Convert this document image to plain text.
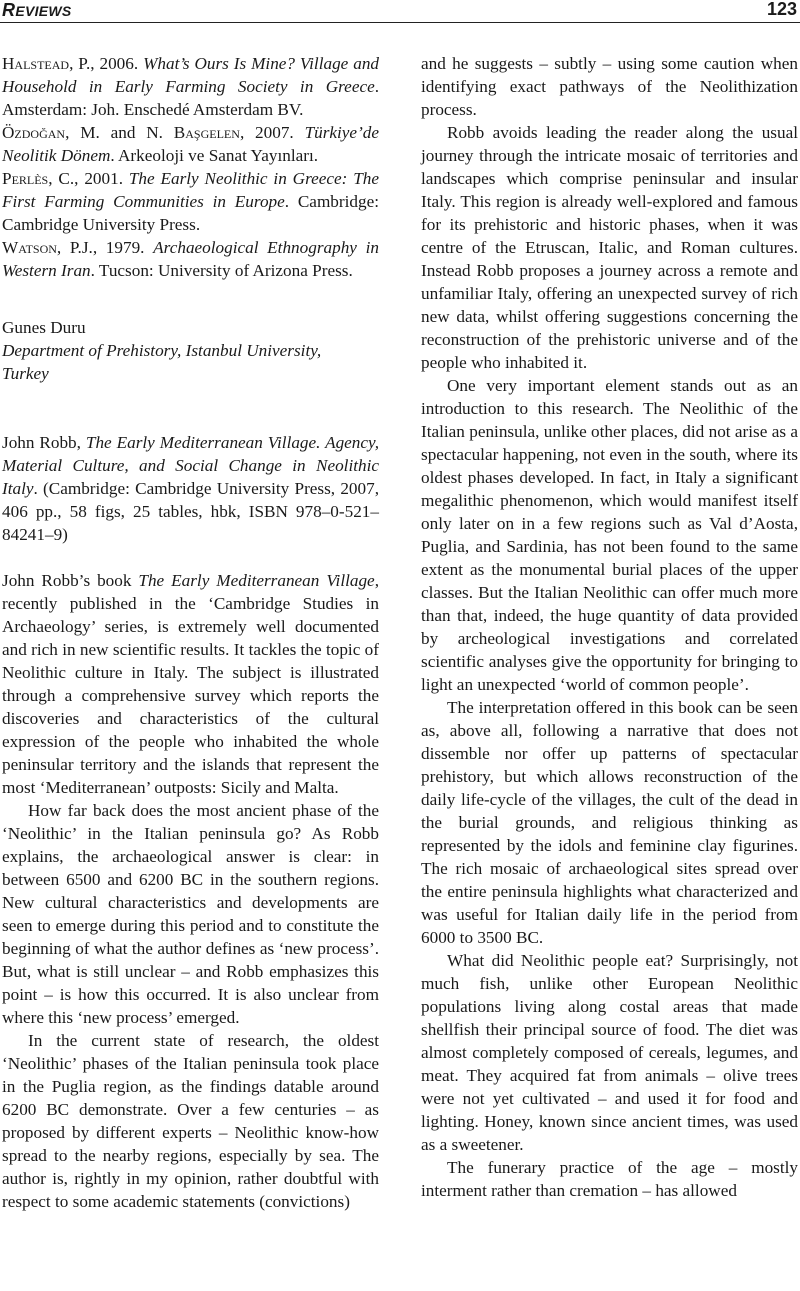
REVIEWS	123

Halstead, P., 2006. What’s Ours Is Mine? Village and Household in Early Farming Society in Greece. Amsterdam: Joh. Enschedé Amsterdam BV.

Özdoğan, M. and N. Başgelen, 2007. Türkiye’de Neolitik Dönem. Arkeoloji ve Sanat Yayınları.

Perlès, C., 2001. The Early Neolithic in Greece: The First Farming Communities in Europe. Cambridge: Cambridge University Press.

Watson, P.J., 1979. Archaeological Ethnography in Western Iran. Tucson: University of Arizona Press.

Gunes Duru

Department of Prehistory, Istanbul University,
Turkey

John Robb, The Early Mediterranean Village. Agency, Material Culture, and Social Change in Neolithic Italy. (Cambridge: Cambridge University Press, 2007, 406 pp., 58 figs, 25 tables, hbk, ISBN 978–0-521–84241–9)

John Robb’s book The Early Mediterranean Village, recently published in the ‘Cambridge Studies in Archaeology’ series, is extremely well documented and rich in new scientific results. It tackles the topic of Neolithic culture in Italy. The subject is illustrated through a comprehensive survey which reports the discoveries and characteristics of the cultural expression of the people who inhabited the whole peninsular territory and the islands that represent the most ‘Mediterranean’ outposts: Sicily and Malta.

How far back does the most ancient phase of the ‘Neolithic’ in the Italian peninsula go? As Robb explains, the archaeological answer is clear: in between 6500 and 6200 BC in the southern regions. New cultural characteristics and developments are seen to emerge during this period and to constitute the beginning of what the author defines as ‘new process’. But, what is still unclear – and Robb emphasizes this point – is how this occurred. It is also unclear from where this ‘new process’ emerged.

In the current state of research, the oldest ‘Neolithic’ phases of the Italian peninsula took place in the Puglia region, as the findings datable around 6200 BC demonstrate. Over a few centuries – as proposed by different experts – Neolithic know-how spread to the nearby regions, especially by sea. The author is, rightly in my opinion, rather doubtful with respect to some academic statements (convictions)

and he suggests – subtly – using some caution when identifying exact pathways of the Neolithization process.

Robb avoids leading the reader along the usual journey through the intricate mosaic of territories and landscapes which comprise peninsular and insular Italy. This region is already well-explored and famous for its prehistoric and historic phases, when it was centre of the Etruscan, Italic, and Roman cultures. Instead Robb proposes a journey across a remote and unfamiliar Italy, offering an unexpected survey of rich new data, whilst offering suggestions concerning the reconstruction of the prehistoric universe and of the people who inhabited it.

One very important element stands out as an introduction to this research. The Neolithic of the Italian peninsula, unlike other places, did not arise as a spectacular happening, not even in the south, where its oldest phases developed. In fact, in Italy a significant megalithic phenomenon, which would manifest itself only later on in a few regions such as Val d’Aosta, Puglia, and Sardinia, has not been found to the same extent as the monumental burial places of the upper classes. But the Italian Neolithic can offer much more than that, indeed, the huge quantity of data provided by archeological investigations and correlated scientific analyses give the opportunity for bringing to light an unexpected ‘world of common people’.

The interpretation offered in this book can be seen as, above all, following a narrative that does not dissemble nor offer up patterns of spectacular prehistory, but which allows reconstruction of the daily life-cycle of the villages, the cult of the dead in the burial grounds, and religious thinking as represented by the idols and feminine clay figurines. The rich mosaic of archaeological sites spread over the entire peninsula highlights what characterized and was useful for Italian daily life in the period from 6000 to 3500 BC.

What did Neolithic people eat? Surprisingly, not much fish, unlike other European Neolithic populations living along costal areas that made shellfish their principal source of food. The diet was almost completely composed of cereals, legumes, and meat. They acquired fat from animals – olive trees were not yet cultivated – and used it for food and lighting. Honey, known since ancient times, was used as a sweetener.

The funerary practice of the age – mostly interment rather than cremation – has allowed
